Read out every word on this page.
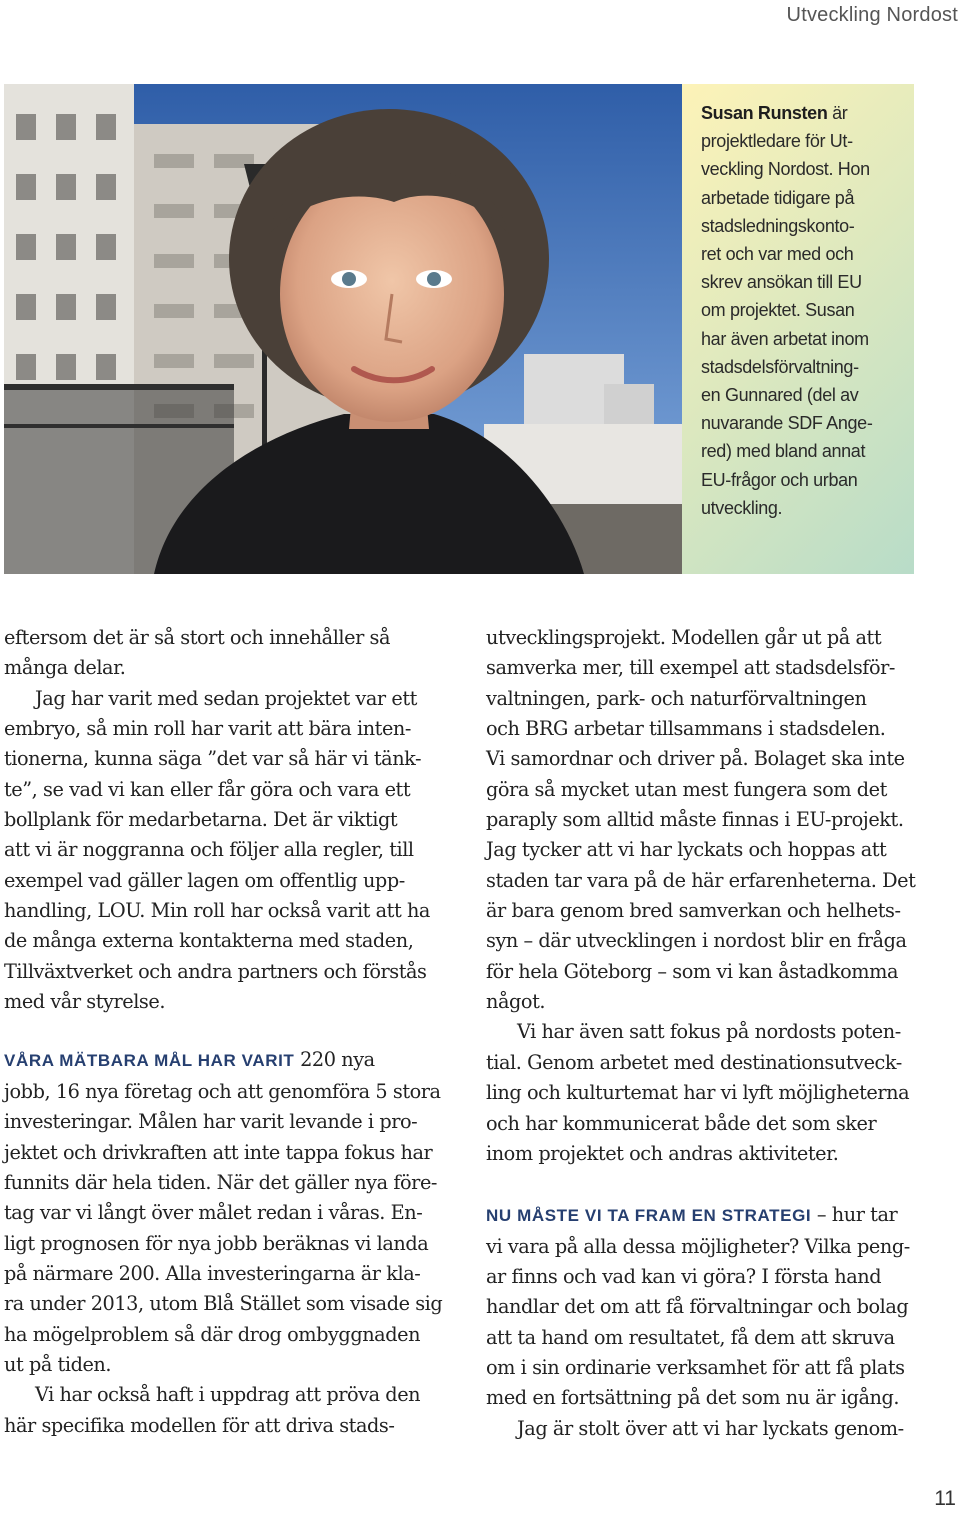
Utveckling Nordost
Susan Runsten är
projektledare för Ut-
veckling Nordost. Hon
arbetade tidigare på
stadsledningskonto-
ret och var med och
skrev ansökan till EU
om projektet. Susan
har även arbetat inom
stadsdelsförvaltning-
en Gunnared (del av
nuvarande SDF Ange-
red) med bland annat
EU-frågor och urban
utveckling.
eftersom det är så stort och innehåller så
många delar.
Jag har varit med sedan projektet var ett
embryo, så min roll har varit att bära inten-
tionerna, kunna säga ”det var så här vi tänk-
te”, se vad vi kan eller får göra och vara ett
bollplank för medarbetarna. Det är viktigt
att vi är noggranna och följer alla regler, till
exempel vad gäller lagen om offentlig upp-
handling, LOU. Min roll har också varit att ha
de många externa kontakterna med staden,
Tillväxtverket och andra partners och förstås
med vår styrelse.
VÅRA MÄTBARA MÅL HAR VARIT 220 nya
jobb, 16 nya företag och att genomföra 5 stora
investeringar. Målen har varit levande i pro-
jektet och drivkraften att inte tappa fokus har
funnits där hela tiden. När det gäller nya före-
tag var vi långt över målet redan i våras. En-
ligt prognosen för nya jobb beräknas vi landa
på närmare 200. Alla investeringarna är kla-
ra under 2013, utom Blå Stället som visade sig
ha mögelproblem så där drog ombyggnaden
ut på tiden.
Vi har också haft i uppdrag att pröva den
här specifika modellen för att driva stads-
utvecklingsprojekt. Modellen går ut på att
samverka mer, till exempel att stadsdelsför-
valtningen, park- och naturförvaltningen
och BRG arbetar tillsammans i stadsdelen.
Vi samordnar och driver på. Bolaget ska inte
göra så mycket utan mest fungera som det
paraply som alltid måste finnas i EU-projekt.
Jag tycker att vi har lyckats och hoppas att
staden tar vara på de här erfarenheterna. Det
är bara genom bred samverkan och helhets-
syn – där utvecklingen i nordost blir en fråga
för hela Göteborg – som vi kan åstadkomma
något.
Vi har även satt fokus på nordosts poten-
tial. Genom arbetet med destinationsutveck-
ling och kulturtemat har vi lyft möjligheterna
och har kommunicerat både det som sker
inom projektet och andras aktiviteter.
NU MÅSTE VI TA FRAM EN STRATEGI – hur tar
vi vara på alla dessa möjligheter? Vilka peng-
ar finns och vad kan vi göra? I första hand
handlar det om att få förvaltningar och bolag
att ta hand om resultatet, få dem att skruva
om i sin ordinarie verksamhet för att få plats
med en fortsättning på det som nu är igång.
Jag är stolt över att vi har lyckats genom-
11
